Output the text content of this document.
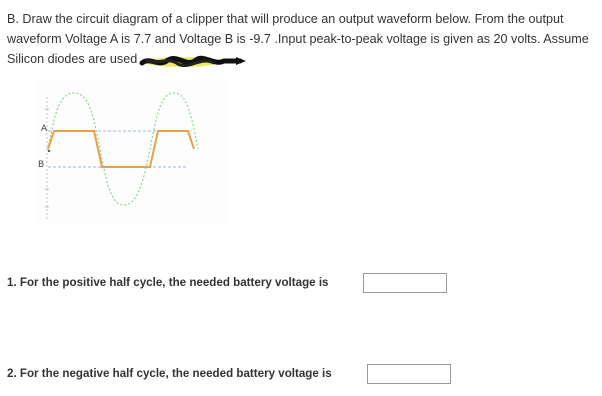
B. Draw the circuit diagram of a clipper that will produce an output waveform below. From the output
waveform Voltage A is 7.7 and Voltage B is -9.7 .Input peak-to-peak voltage is given as 20 volts. Assume
Silicon diodes are used
A
B
1. For the positive half cycle, the needed battery voltage is
2. For the negative half cycle, the needed battery voltage is
